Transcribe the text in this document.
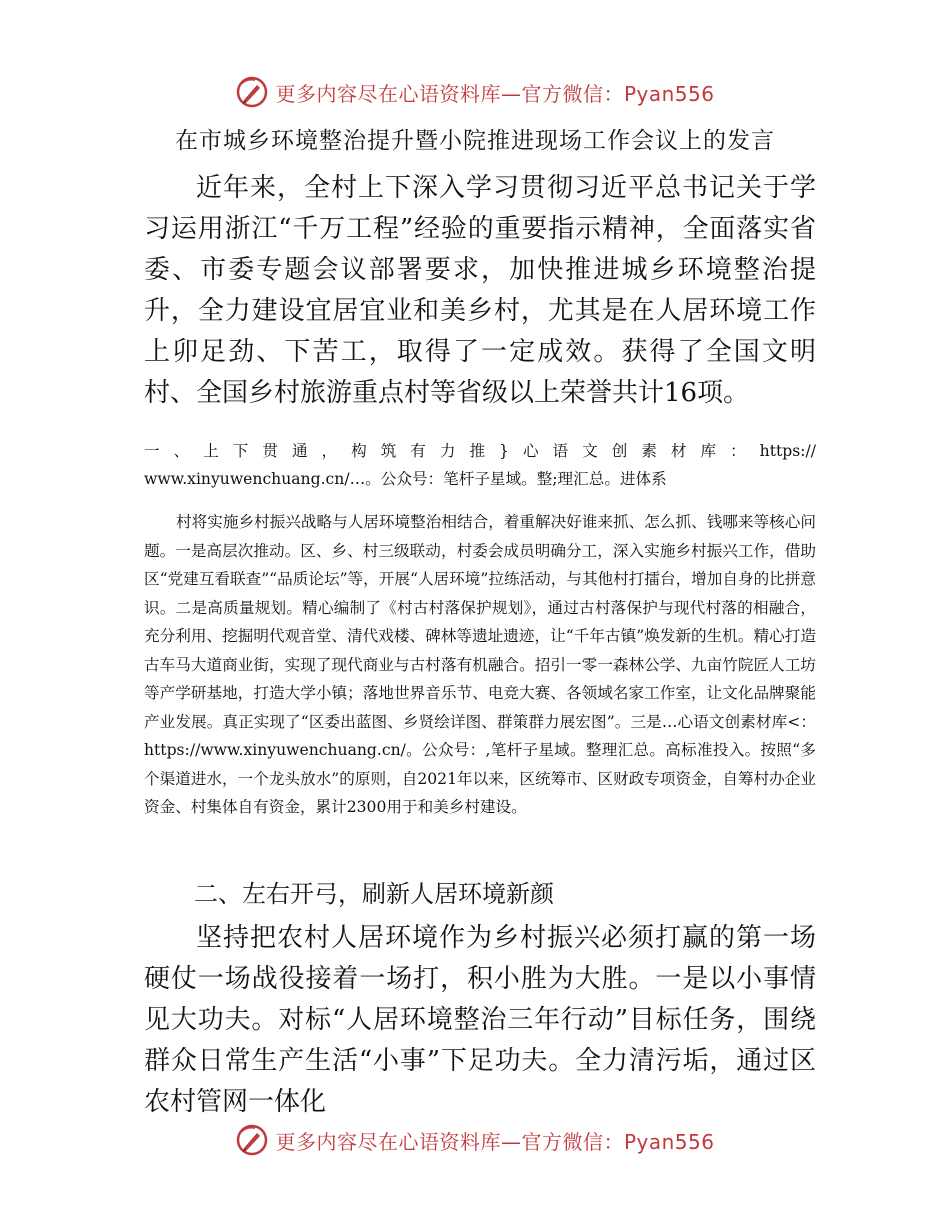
更多内容尽在心语资料库—官方微信：Pyan556
在市城乡环境整治提升暨小院推进现场工作会议上的发言

近年来，全村上下深入学习贯彻习近平总书记关于学习运用浙江“千万工程”经验的重要指示精神，全面落实省委、市委专题会议部署要求，加快推进城乡环境整治提升，全力建设宜居宜业和美乡村，尤其是在人居环境工作上卯足劲、下苦工，取得了一定成效。获得了全国文明村、全国乡村旅游重点村等省级以上荣誉共计16项。

一、上下贯通，构筑有力推}心语文创素材库：https://

www.xinyuwenchuang.cn/…。公众号：笔杆子星域。整;理汇总。进体系

村将实施乡村振兴战略与人居环境整治相结合，着重解决好谁来抓、怎么抓、钱哪来等核心问题。一是高层次推动。区、乡、村三级联动，村委会成员明确分工，深入实施乡村振兴工作，借助区“党建互看联查”“品质论坛”等，开展“人居环境”拉练活动，与其他村打擂台，增加自身的比拼意识。二是高质量规划。精心编制了《村古村落保护规划》，通过古村落保护与现代村落的相融合，充分利用、挖掘明代观音堂、清代戏楼、碑林等遗址遗迹，让“千年古镇”焕发新的生机。精心打造古车马大道商业街，实现了现代商业与古村落有机融合。招引一零一森林公学、九亩竹院匠人工坊等产学研基地，打造大学小镇；落地世界音乐节、电竞大赛、各领域名家工作室，让文化品牌聚能产业发展。真正实现了“区委出蓝图、乡贤绘详图、群策群力展宏图”。三是…心语文创素材库<：https://www.xinyuwenchuang.cn/。公众号：,笔杆子星域。整理汇总。高标准投入。按照“多个渠道进水，一个龙头放水”的原则，自2021年以来，区统筹市、区财政专项资金，自筹村办企业资金、村集体自有资金，累计2300用于和美乡村建设。

二、左右开弓，刷新人居环境新颜

坚持把农村人居环境作为乡村振兴必须打赢的第一场硬仗一场战役接着一场打，积小胜为大胜。一是以小事情见大功夫。对标“人居环境整治三年行动”目标任务，围绕群众日常生产生活“小事”下足功夫。全力清污垢，通过区农村管网一体化

更多内容尽在心语资料库—官方微信：Pyan556
